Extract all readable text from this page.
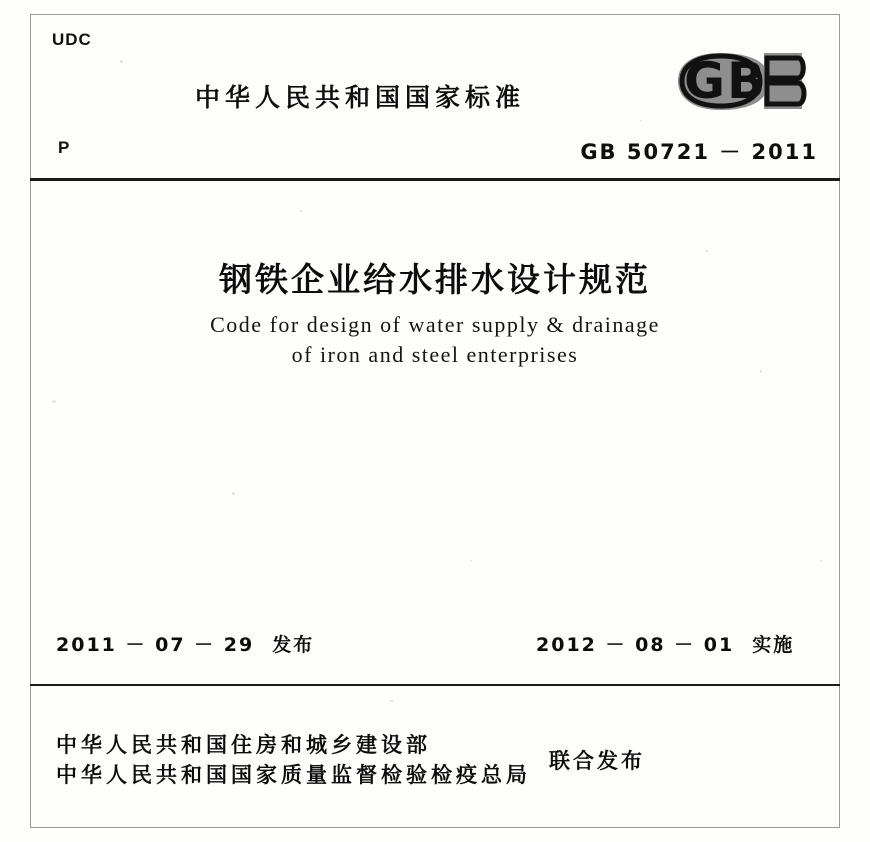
UDC
中华人民共和国国家标准	GB
P	GB 50721 － 2011
钢铁企业给水排水设计规范
Code for design of water supply & drainage
of iron and steel enterprises
2011 － 07 － 29 发布	2012 － 08 － 01 实施
中华人民共和国住房和城乡建设部
中华人民共和国国家质量监督检验检疫总局
联合发布
